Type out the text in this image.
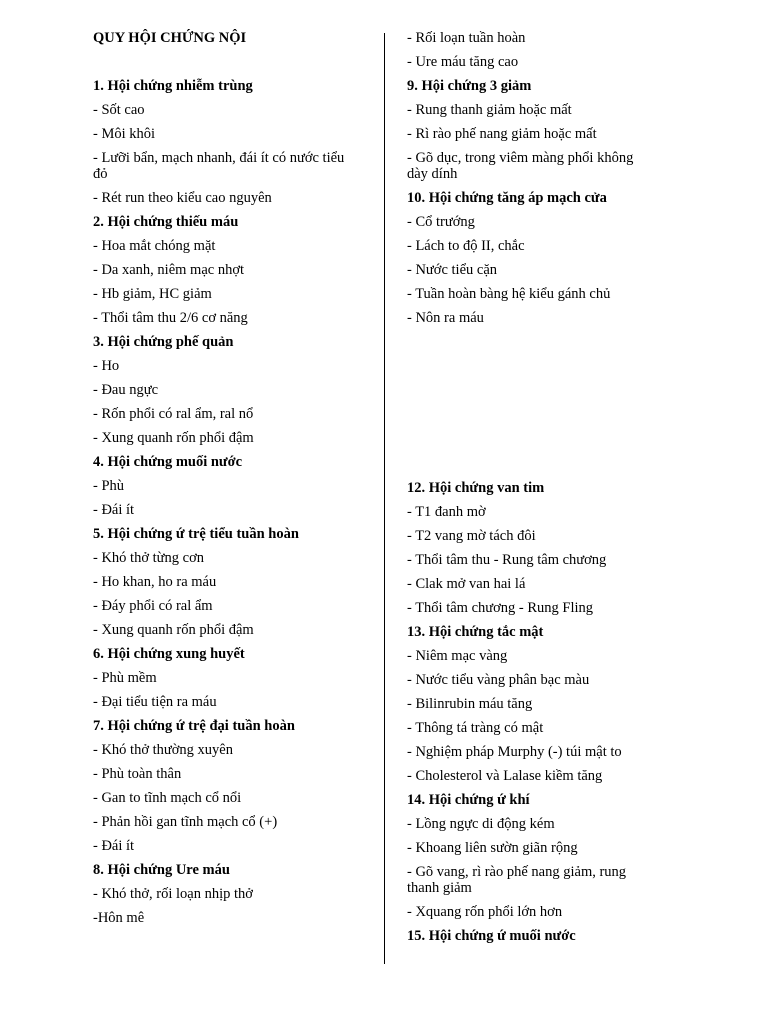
QUY HỘI CHỨNG NỘI
1. Hội chứng nhiễm trùng
- Sốt cao
- Môi khôi
- Lưỡi bẩn, mạch nhanh, đái ít có nước tiểu đỏ
- Rét run theo kiểu cao nguyên
2. Hội chứng thiếu máu
- Hoa mắt chóng mặt
- Da xanh, niêm mạc nhợt
- Hb giảm, HC giảm
- Thổi tâm thu 2/6 cơ năng
3. Hội chứng phế quản
- Ho
- Đau ngực
- Rốn phổi có ral ẩm, ral nổ
- Xung quanh rốn phổi đậm
4. Hội chứng muối nước
- Phù
- Đái ít
5. Hội chứng ứ trệ tiểu tuần hoàn
- Khó thở từng cơn
- Ho khan, ho ra máu
- Đáy phổi có ral ẩm
- Xung quanh rốn phổi đậm
6. Hội chứng xung huyết
- Phù mềm
- Đại tiểu tiện ra máu
7. Hội chứng ứ trệ đại tuần hoàn
- Khó thở thường xuyên
- Phù toàn thân
- Gan to tĩnh mạch cổ nổi
- Phản hồi gan tĩnh mạch cổ (+)
- Đái ít
8. Hội chứng Ure máu
- Khó thở, rối loạn nhịp thở
-Hôn mê
- Rối loạn tuần hoàn
- Ure máu tăng cao
9. Hội chứng 3 giảm
- Rung thanh giảm hoặc mất
- Rì rào phế nang giảm hoặc mất
- Gõ dục, trong viêm màng phổi không dày dính
10. Hội chứng tăng áp mạch cửa
- Cổ trướng
- Lách to độ II, chắc
- Nước tiểu cặn
- Tuần hoàn bàng hệ kiểu gánh chủ
- Nôn ra máu
12. Hội chứng van tim
- T1 đanh mờ
- T2 vang mờ tách đôi
- Thổi tâm thu - Rung tâm chương
- Clak mở van hai lá
- Thổi tâm chương - Rung Fling
13. Hội chứng tắc mật
- Niêm mạc vàng
- Nước tiểu vàng phân bạc màu
- Bilinrubin máu tăng
- Thông tá tràng có mật
- Nghiệm pháp Murphy (-) túi mật to
- Cholesterol và Lalase kiềm tăng
14. Hội chứng ứ khí
- Lồng ngực di động kém
- Khoang liên sườn giãn rộng
- Gõ vang, rì rào phế nang giảm, rung thanh giảm
- Xquang rốn phổi lớn hơn
15. Hội chứng ứ muối nước
